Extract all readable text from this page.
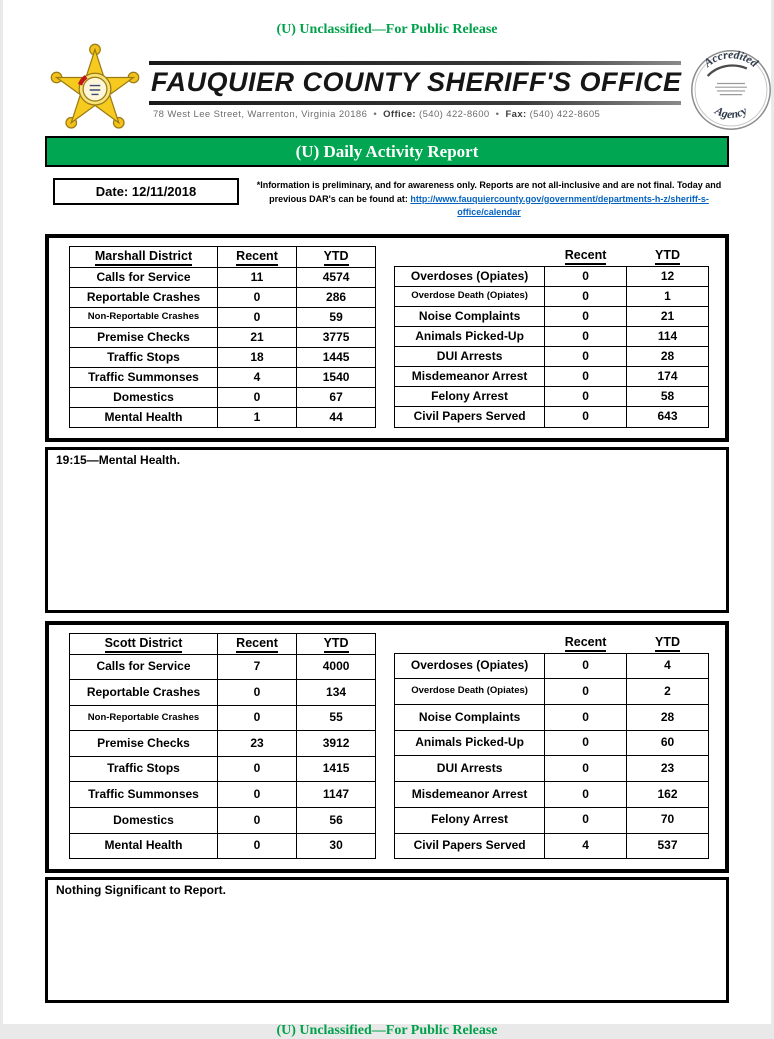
(U) Unclassified—For Public Release
FAUQUIER COUNTY SHERIFF'S OFFICE
78 West Lee Street, Warrenton, Virginia 20186 • Office: (540) 422-8600 • Fax: (540) 422-8605
Accredited
Agency
(U) Daily Activity Report
Date: 12/11/2018	*Information is preliminary, and for awareness only. Reports are not all-inclusive and are not final. Today and previous DAR's can be found at: http://www.fauquiercounty.gov/government/departments-h-z/sheriff-s-office/calendar
Marshall District	Recent	YTD
Calls for Service	11	4574
Reportable Crashes	0	286
Non-Reportable Crashes	0	59
Premise Checks	21	3775
Traffic Stops	18	1445
Traffic Summonses	4	1540
Domestics	0	67
Mental Health	1	44
	Recent	YTD
Overdoses (Opiates)	0	12
Overdose Death (Opiates)	0	1
Noise Complaints	0	21
Animals Picked-Up	0	114
DUI Arrests	0	28
Misdemeanor Arrest	0	174
Felony Arrest	0	58
Civil Papers Served	0	643
19:15—Mental Health.
Scott District	Recent	YTD
Calls for Service	7	4000
Reportable Crashes	0	134
Non-Reportable Crashes	0	55
Premise Checks	23	3912
Traffic Stops	0	1415
Traffic Summonses	0	1147
Domestics	0	56
Mental Health	0	30
	Recent	YTD
Overdoses (Opiates)	0	4
Overdose Death (Opiates)	0	2
Noise Complaints	0	28
Animals Picked-Up	0	60
DUI Arrests	0	23
Misdemeanor Arrest	0	162
Felony Arrest	0	70
Civil Papers Served	4	537
Nothing Significant to Report.
(U) Unclassified—For Public Release
